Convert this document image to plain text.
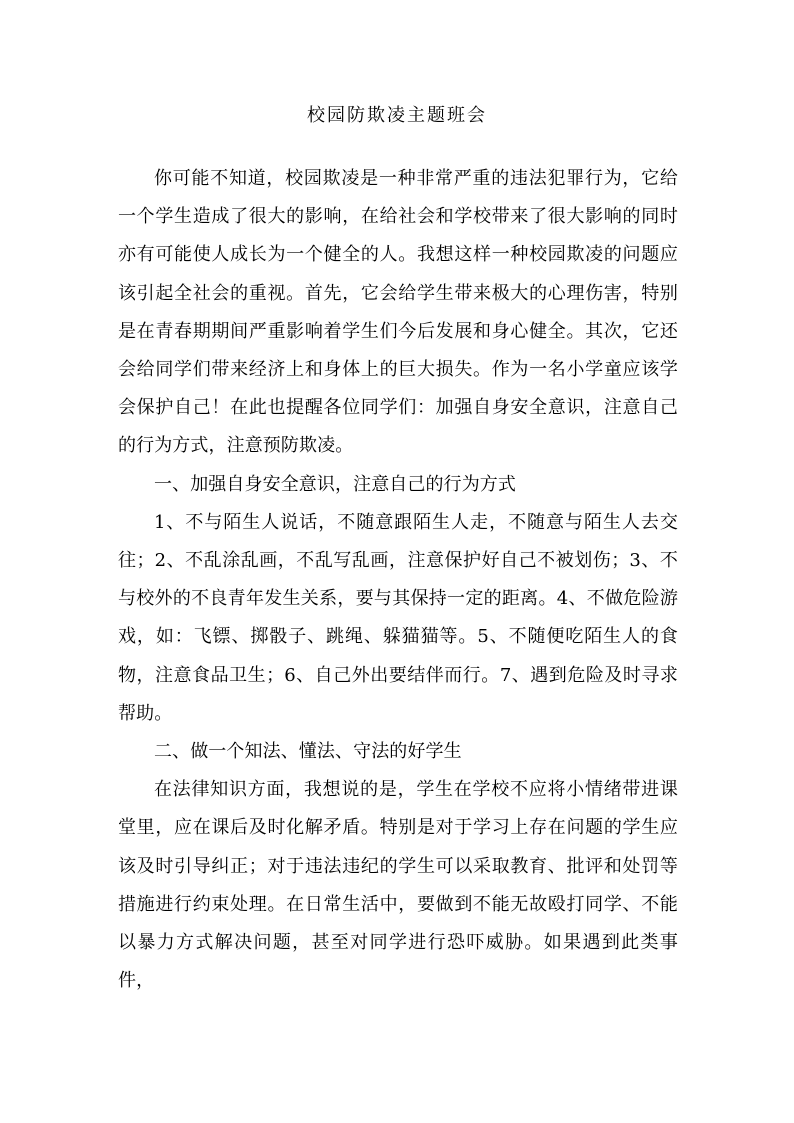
校园防欺凌主题班会

你可能不知道，校园欺凌是一种非常严重的违法犯罪行为，它给一个学生造成了很大的影响，在给社会和学校带来了很大影响的同时亦有可能使人成长为一个健全的人。我想这样一种校园欺凌的问题应该引起全社会的重视。首先，它会给学生带来极大的心理伤害，特别是在青春期期间严重影响着学生们今后发展和身心健全。其次，它还会给同学们带来经济上和身体上的巨大损失。作为一名小学童应该学会保护自己！在此也提醒各位同学们：加强自身安全意识，注意自己的行为方式，注意预防欺凌。

一、加强自身安全意识，注意自己的行为方式

1、不与陌生人说话，不随意跟陌生人走，不随意与陌生人去交往；2、不乱涂乱画，不乱写乱画，注意保护好自己不被划伤；3、不与校外的不良青年发生关系，要与其保持一定的距离。4、不做危险游戏，如：飞镖、掷骰子、跳绳、躲猫猫等。5、不随便吃陌生人的食物，注意食品卫生；6、自己外出要结伴而行。7、遇到危险及时寻求帮助。

二、做一个知法、懂法、守法的好学生

在法律知识方面，我想说的是，学生在学校不应将小情绪带进课堂里，应在课后及时化解矛盾。特别是对于学习上存在问题的学生应该及时引导纠正；对于违法违纪的学生可以采取教育、批评和处罚等措施进行约束处理。在日常生活中，要做到不能无故殴打同学、不能以暴力方式解决问题，甚至对同学进行恐吓威胁。如果遇到此类事件，
